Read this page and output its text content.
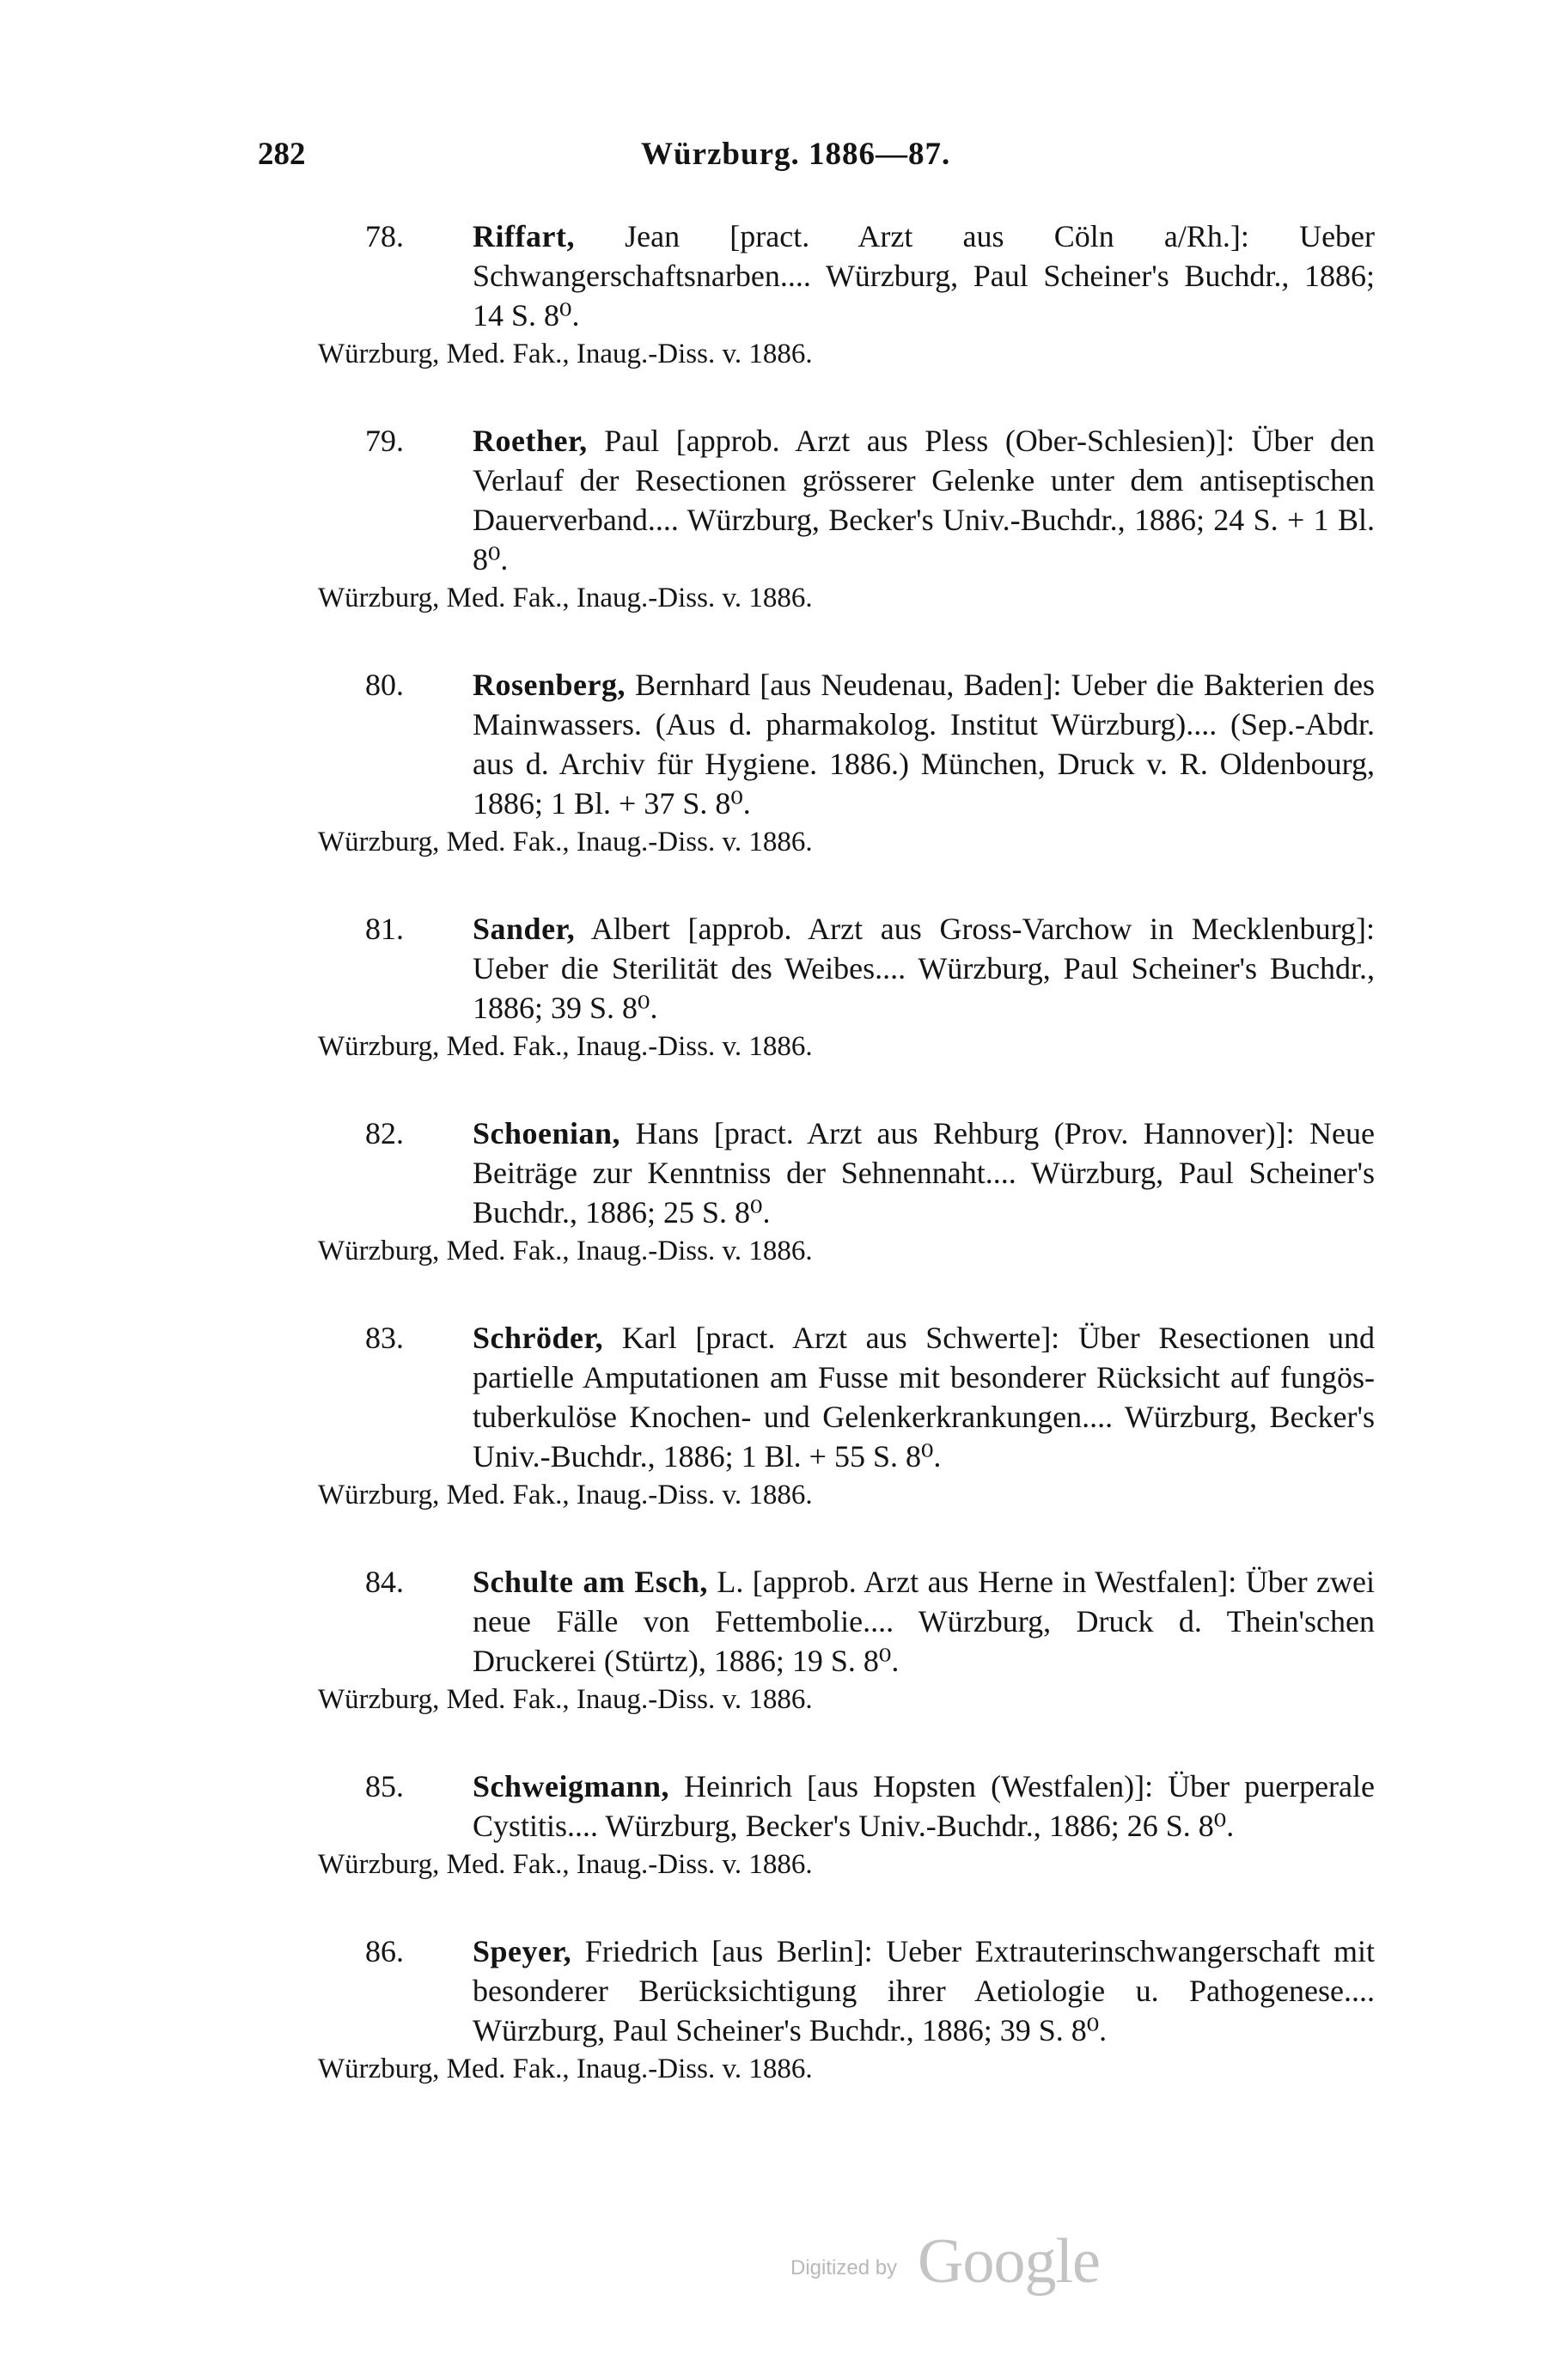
282	Würzburg. 1886—87.
78. Riffart, Jean [pract. Arzt aus Cöln a/Rh.]: Ueber Schwangerschaftsnarben.... Würzburg, Paul Scheiner's Buchdr., 1886; 14 S. 8⁰.
Würzburg, Med. Fak., Inaug.-Diss. v. 1886.
79. Roether, Paul [approb. Arzt aus Pless (Ober-Schlesien)]: Über den Verlauf der Resectionen grösserer Gelenke unter dem antiseptischen Dauerverband.... Würzburg, Becker's Univ.-Buchdr., 1886; 24 S. + 1 Bl. 8⁰.
Würzburg, Med. Fak., Inaug.-Diss. v. 1886.
80. Rosenberg, Bernhard [aus Neudenau, Baden]: Ueber die Bakterien des Mainwassers. (Aus d. pharmakolog. Institut Würzburg).... (Sep.-Abdr. aus d. Archiv für Hygiene. 1886.) München, Druck v. R. Oldenbourg, 1886; 1 Bl. + 37 S. 8⁰.
Würzburg, Med. Fak., Inaug.-Diss. v. 1886.
81. Sander, Albert [approb. Arzt aus Gross-Varchow in Mecklenburg]: Ueber die Sterilität des Weibes.... Würzburg, Paul Scheiner's Buchdr., 1886; 39 S. 8⁰.
Würzburg, Med. Fak., Inaug.-Diss. v. 1886.
82. Schoenian, Hans [pract. Arzt aus Rehburg (Prov. Hannover)]: Neue Beiträge zur Kenntniss der Sehnennaht.... Würzburg, Paul Scheiner's Buchdr., 1886; 25 S. 8⁰.
Würzburg, Med. Fak., Inaug.-Diss. v. 1886.
83. Schröder, Karl [pract. Arzt aus Schwerte]: Über Resectionen und partielle Amputationen am Fusse mit besonderer Rücksicht auf fungös-tuberkulöse Knochen- und Gelenkerkrankungen.... Würzburg, Becker's Univ.-Buchdr., 1886; 1 Bl. + 55 S. 8⁰.
Würzburg, Med. Fak., Inaug.-Diss. v. 1886.
84. Schulte am Esch, L. [approb. Arzt aus Herne in Westfalen]: Über zwei neue Fälle von Fettembolie.... Würzburg, Druck d. Thein'schen Druckerei (Stürtz), 1886; 19 S. 8⁰.
Würzburg, Med. Fak., Inaug.-Diss. v. 1886.
85. Schweigmann, Heinrich [aus Hopsten (Westfalen)]: Über puerperale Cystitis.... Würzburg, Becker's Univ.-Buchdr., 1886; 26 S. 8⁰.
Würzburg, Med. Fak., Inaug.-Diss. v. 1886.
86. Speyer, Friedrich [aus Berlin]: Ueber Extrauterinschwangerschaft mit besonderer Berücksichtigung ihrer Aetiologie u. Pathogenese.... Würzburg, Paul Scheiner's Buchdr., 1886; 39 S. 8⁰.
Würzburg, Med. Fak., Inaug.-Diss. v. 1886.
Digitized by Google
